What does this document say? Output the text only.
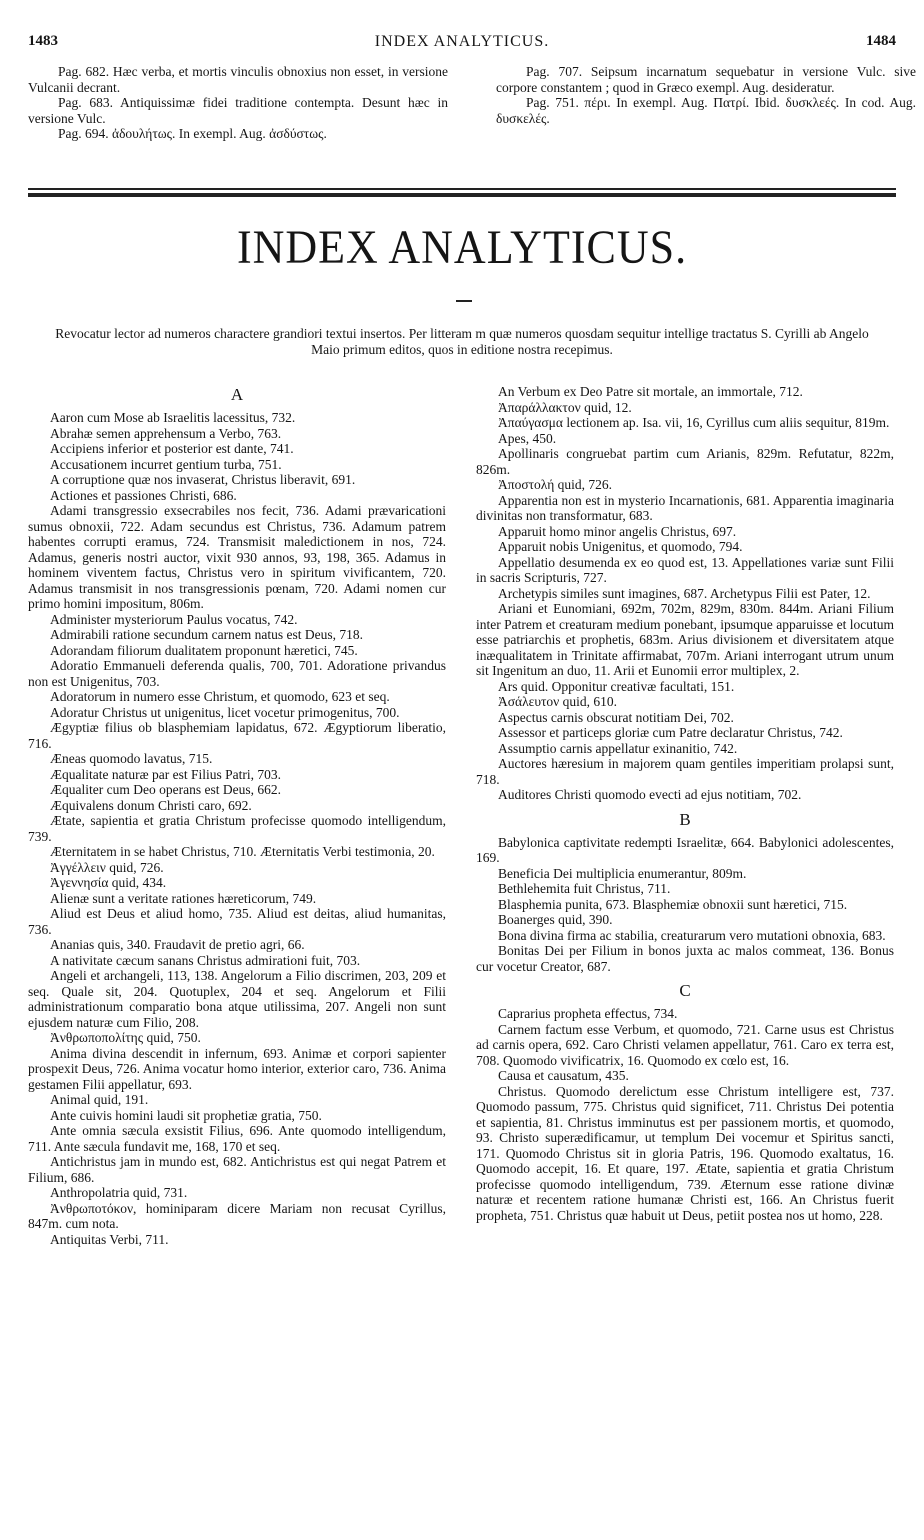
1483	INDEX ANALYTICUS.	1484

Pag. 682. Hæc verba, et mortis vinculis obnoxius non esset, in versione Vulcanii decrant.

Pag. 683. Antiquissimæ fidei traditione contempta. Desunt hæc in versione Vulc.

Pag. 694. ἀδουλήτως. In exempl. Aug. ἀσδύστως.

Pag. 707. Seipsum incarnatum sequebatur in versione Vulc. sive corpore constantem ; quod in Græco exempl. Aug. desideratur.

Pag. 751. πέρι. In exempl. Aug. Πατρί. Ibid. δυσκλεές. In cod. Aug. δυσκελές.

INDEX ANALYTICUS.
Revocatur lector ad numeros charactere grandiori textui insertos. Per litteram m quæ numeros quosdam sequitur intellige tractatus S. Cyrilli ab Angelo Maio primum editos, quos in editione nostra recepimus.
A

Aaron cum Mose ab Israelitis lacessitus, 732.

Abrahæ semen apprehensum a Verbo, 763.

Accipiens inferior et posterior est dante, 741.

Accusationem incurret gentium turba, 751.

A corruptione quæ nos invaserat, Christus liberavit, 691.

Actiones et passiones Christi, 686.

Adami transgressio exsecrabiles nos fecit, 736. Adami prævaricationi sumus obnoxii, 722. Adam secundus est Christus, 736. Adamum patrem habentes corrupti eramus, 724. Transmisit maledictionem in nos, 724. Adamus, generis nostri auctor, vixit 930 annos, 93, 198, 365. Adamus in hominem viventem factus, Christus vero in spiritum vivificantem, 720. Adamus transmisit in nos transgressionis pœnam, 720. Adami nomen cur primo homini impositum, 806m.

Administer mysteriorum Paulus vocatus, 742.

Admirabili ratione secundum carnem natus est Deus, 718.

Adorandam filiorum dualitatem proponunt hæretici, 745.

Adoratio Emmanueli deferenda qualis, 700, 701. Adorationе privandus non est Unigenitus, 703.

Adoratorum in numero esse Christum, et quomodo, 623 et seq.

Adoratur Christus ut unigenitus, licet vocetur primogenitus, 700.

Ægyptiæ filius ob blasphemiam lapidatus, 672. Ægyptiorum liberatio, 716.

Æneas quomodo lavatus, 715.

Æqualitate naturæ par est Filius Patri, 703.

Æqualiter cum Deo operans est Deus, 662.

Æquivalens donum Christi caro, 692.

Ætate, sapientia et gratia Christum profecisse quomodo intelligendum, 739.

Æternitatem in se habet Christus, 710. Æternitatis Verbi testimonia, 20.

Ἀγγέλλειν quid, 726.

Ἀγεννησία quid, 434.

Alienæ sunt a veritate rationes hæreticorum, 749.

Aliud est Deus et aliud homo, 735. Aliud est deitas, aliud humanitas, 736.

Ananias quis, 340. Fraudavit de pretio agri, 66.

A nativitate cæcum sanans Christus admirationi fuit, 703.

Angeli et archangeli, 113, 138. Angelorum a Filio discrimen, 203, 209 et seq. Quale sit, 204. Quotuplex, 204 et seq. Angelorum et Filii administrationum comparatio bona atque utilissima, 207. Angeli non sunt ejusdem naturæ cum Filio, 208.

Ἀνθρωποπολίτης quid, 750.

Anima divina descendit in infernum, 693. Animæ et corpori sapienter prospexit Deus, 726. Anima vocatur homo interior, exterior caro, 736. Anima gestamen Filii appellatur, 693.

Animal quid, 191.

Ante cuivis homini laudi sit prophetiæ gratia, 750.

Ante omnia sæcula exsistit Filius, 696. Ante quomodo intelligendum, 711. Ante sæcula fundavit me, 168, 170 et seq.

Antichristus jam in mundo est, 682. Antichristus est qui negat Patrem et Filium, 686.

Anthropolatria quid, 731.

Ἀνθρωποτόκον, hominiparam dicere Mariam non recusat Cyrillus, 847m. cum nota.

Antiquitas Verbi, 711.

An Verbum ex Deo Patre sit mortale, an immortale, 712.

Ἀπαράλλακτον quid, 12.

Ἀπαύγασμα lectionem ap. Isa. vii, 16, Cyrillus cum aliis sequitur, 819m.

Apes, 450.

Apollinaris congruebat partim cum Arianis, 829m. Refutatur, 822m, 826m.

Ἀποστολή quid, 726.

Apparentia non est in mysterio Incarnationis, 681. Apparentia imaginaria divinitas non transformatur, 683.

Apparuit homo minor angelis Christus, 697.

Apparuit nobis Unigenitus, et quomodo, 794.

Appellatio desumenda ex eo quod est, 13. Appellationes variæ sunt Filii in sacris Scripturis, 727.

Archetypis similes sunt imagines, 687. Archetypus Filii est Pater, 12.

Ariani et Eunomiani, 692m, 702m, 829m, 830m. 844m. Ariani Filium inter Patrem et creaturam medium ponebant, ipsumque apparuisse et locutum esse patriarchis et prophetis, 683m. Arius divisionem et diversitatem atque inæqualitatem in Trinitate affirmabat, 707m. Ariani interrogant utrum unum sit Ingenitum an duo, 11. Arii et Eunomii error multiplex, 2.

Ars quid. Opponitur creativæ facultati, 151.

Ἀσάλευτον quid, 610.

Aspectus carnis obscurat notitiam Dei, 702.

Assessor et particeps gloriæ cum Patre declaratur Christus, 742.

Assumptio carnis appellatur exinanitio, 742.

Auctores hæresium in majorem quam gentiles imperitiam prolapsi sunt, 718.

Auditores Christi quomodo evecti ad ejus notitiam, 702.

B

Babylonica captivitate redempti Israelitæ, 664. Babylonici adolescentes, 169.

Beneficia Dei multiplicia enumerantur, 809m.

Bethlehemita fuit Christus, 711.

Blasphemia punita, 673. Blasphemiæ obnoxii sunt hæretici, 715.

Boanerges quid, 390.

Bona divina firma ac stabilia, creaturarum vero mutationi obnoxia, 683.

Bonitas Dei per Filium in bonos juxta ac malos commeat, 136. Bonus cur vocetur Creator, 687.

C

Caprarius propheta effectus, 734.

Carnem factum esse Verbum, et quomodo, 721. Carne usus est Christus ad carnis opera, 692. Caro Christi velamen appellatur, 761. Caro ex terra est, 708. Quomodo vivificatrix, 16. Quomodo ex cœlo est, 16.

Causa et causatum, 435.

Christus. Quomodo derelictum esse Christum intelligere est, 737. Quomodo passum, 775. Christus quid significet, 711. Christus Dei potentia et sapientia, 81. Christus imminutus est per passionem mortis, et quomodo, 93. Christo superædificamur, ut templum Dei vocemur et Spiritus sancti, 171. Quomodo Christus sit in gloria Patris, 196. Quomodo exaltatus, 16. Quomodo accepit, 16. Et quare, 197. Ætate, sapientia et gratia Christum profecisse quomodo intelligendum, 739. Æternum esse ratione divinæ naturæ et recentem ratione humanæ Christi est, 166. An Christus fuerit propheta, 751. Christus quæ habuit ut Deus, petiit postea nos ut homo, 228.
